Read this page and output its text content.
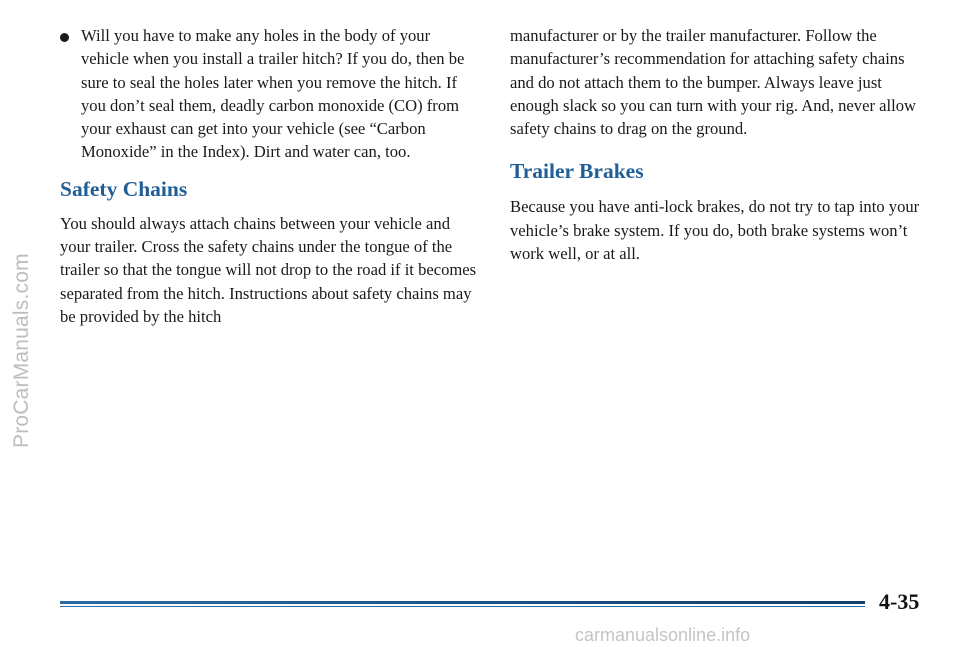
ProCarManuals.com
Will you have to make any holes in the body of your vehicle when you install a trailer hitch? If you do, then be sure to seal the holes later when you remove the hitch. If you don’t seal them, deadly carbon monoxide (CO) from your exhaust can get into your vehicle (see “Carbon Monoxide” in the Index). Dirt and water can, too.
Safety Chains

You should always attach chains between your vehicle and your trailer. Cross the safety chains under the tongue of the trailer so that the tongue will not drop to the road if it becomes separated from the hitch. Instructions about safety chains may be provided by the hitch

manufacturer or by the trailer manufacturer. Follow the manufacturer’s recommendation for attaching safety chains and do not attach them to the bumper. Always leave just enough slack so you can turn with your rig. And, never allow safety chains to drag on the ground.

Trailer Brakes

Because you have anti-lock brakes, do not try to tap into your vehicle’s brake system. If you do, both brake systems won’t work well, or at all.

4-35
carmanualsonline.info
